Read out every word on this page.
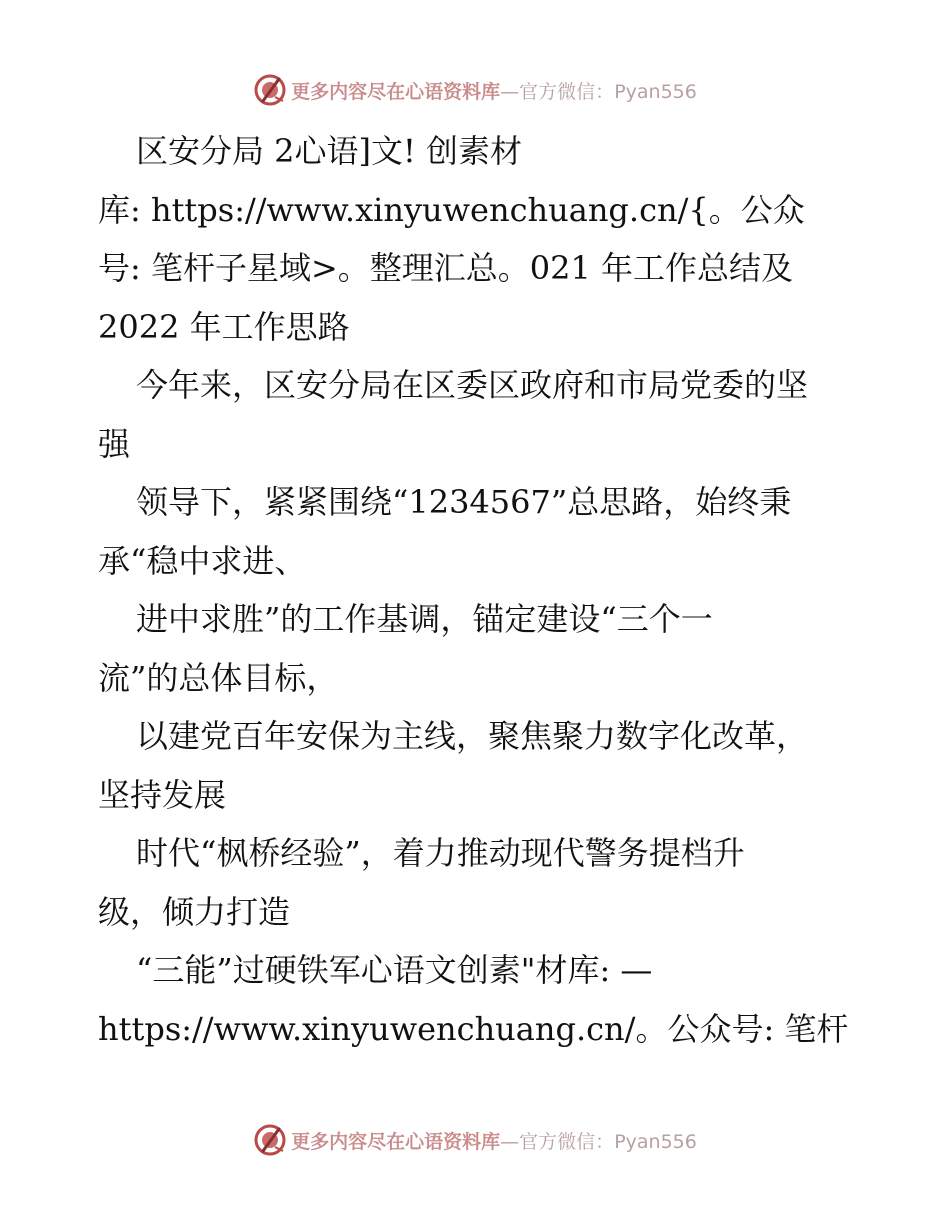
更多内容尽在心语资料库—官方微信：Pyan556
区安分局 2心语]文! 创素材
库: https://www.xinyuwenchuang.cn/{。公众
号: 笔杆子星域>。整理汇总。021 年工作总结及
2022 年工作思路
今年来，区安分局在区委区政府和市局党委的坚
强
领导下，紧紧围绕“1234567”总思路，始终秉
承“稳中求进、
进中求胜”的工作基调，锚定建设“三个一
流”的总体目标，
以建党百年安保为主线，聚焦聚力数字化改革，
坚持发展
时代“枫桥经验”，着力推动现代警务提档升
级，倾力打造
“三能”过硬铁军心语文创素"材库: —
https://www.xinyuwenchuang.cn/。公众号: 笔杆
更多内容尽在心语资料库—官方微信：Pyan556
